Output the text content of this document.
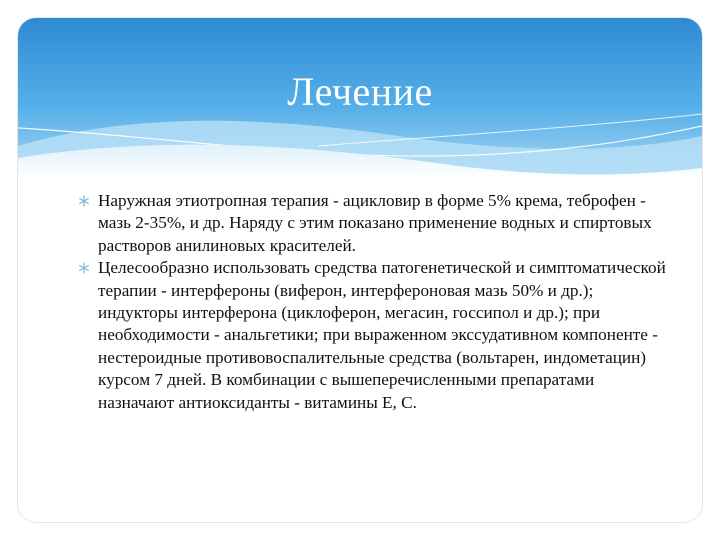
Лечение
Наружная этиотропная терапия - ацикловир в форме 5% крема, теброфен - мазь 2-35%, и др. Наряду с этим показано применение водных и спиртовых растворов анилиновых красителей.
Целесообразно использовать средства патогенетической и симптоматической терапии - интерфероны (виферон, интерфероновая мазь 50% и др.); индукторы интерферона (циклоферон, мегасин, госсипол и др.); при необходимости - анальгетики; при выраженном экссудативном компоненте - нестероидные противовоспалительные средства (вольтарен, индометацин) курсом 7 дней. В комбинации с вышеперечисленными препаратами назначают антиоксиданты - витамины Е, С.
